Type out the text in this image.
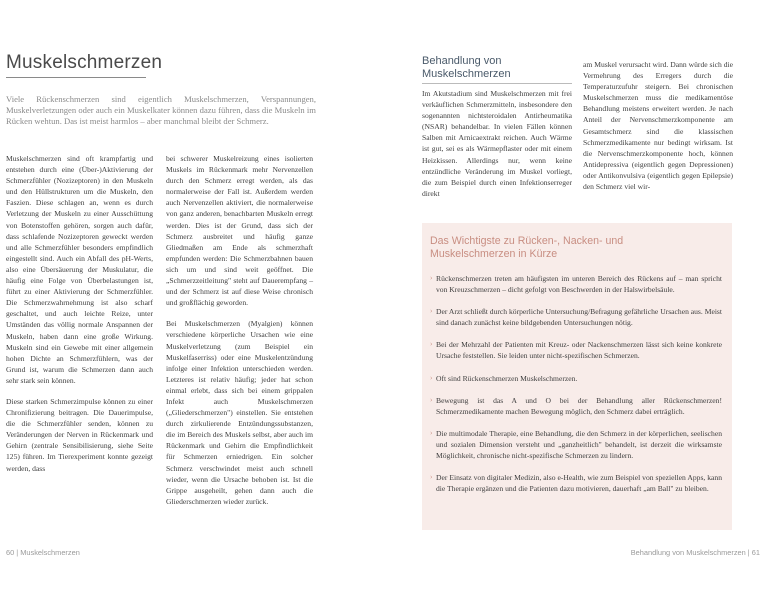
Muskelschmerzen
Viele Rückenschmerzen sind eigentlich Muskelschmerzen, Verspannungen, Muskelverletzungen oder auch ein Muskelkater können dazu führen, dass die Muskeln im Rücken wehtun. Das ist meist harmlos – aber manchmal bleibt der Schmerz.

Muskelschmerzen sind oft krampfartig und entstehen durch eine (Über-)Aktivierung der Schmerzfühler (Nozizeptoren) in den Muskeln und den Hüllstrukturen um die Muskeln, den Faszien. Diese schlagen an, wenn es durch Verletzung der Muskeln zu einer Ausschüttung von Botenstoffen gehören, sorgen auch dafür, dass schlafende Nozizeptoren geweckt werden und alle Schmerzfühler besonders empfindlich eingestellt sind. Auch ein Abfall des pH-Werts, also eine Übersäuerung der Muskulatur, die häufig eine Folge von Überbelastungen ist, führt zu einer Aktivierung der Schmerzfühler. Die Schmerzwahrnehmung ist also scharf geschaltet, und auch leichte Reize, unter Umständen das völlig normale Anspannen der Muskeln, haben dann eine große Wirkung. Muskeln sind ein Gewebe mit einer allgemein hohen Dichte an Schmerzfühlern, was der Grund ist, warum die Schmerzen dann auch sehr stark sein können.

Diese starken Schmerzimpulse können zu einer Chronifizierung beitragen. Die Dauerimpulse, die die Schmerzfühler senden, können zu Veränderungen der Nerven in Rückenmark und Gehirn (zentrale Sensibilisierung, siehe Seite 125) führen. Im Tierexperiment konnte gezeigt werden, dass

bei schwerer Muskelreizung eines isolierten Muskels im Rückenmark mehr Nervenzellen durch den Schmerz erregt werden, als das normalerweise der Fall ist. Außerdem werden auch Nervenzellen aktiviert, die normalerweise von ganz anderen, benachbarten Muskeln erregt werden. Dies ist der Grund, dass sich der Schmerz ausbreitet und häufig ganze Gliedmaßen am Ende als schmerzhaft empfunden werden: Die Schmerzbahnen bauen sich um und sind weit geöffnet. Die „Schmerzzeitleitung" steht auf Dauerempfang – und der Schmerz ist auf diese Weise chronisch und großflächig geworden.

Bei Muskelschmerzen (Myalgien) können verschiedene körperliche Ursachen wie eine Muskelverletzung (zum Beispiel ein Muskelfaserriss) oder eine Muskelentzündung infolge einer Infektion unterschieden werden. Letzteres ist relativ häufig; jeder hat schon einmal erlebt, dass sich bei einem grippalen Infekt auch Muskelschmerzen („Gliederschmerzen") einstellen. Sie entstehen durch zirkulierende Entzündungssubstanzen, die im Bereich des Muskels selbst, aber auch im Rückenmark und Gehirn die Empfindlichkeit für Schmerzen erniedrigen. Ein solcher Schmerz verschwindet meist auch schnell wieder, wenn die Ursache behoben ist. Ist die Grippe ausgeheilt, gehen dann auch die Gliederschmerzen wieder zurück.

60 | Muskelschmerzen
Behandlung von Muskelschmerzen

Im Akutstadium sind Muskelschmerzen mit frei verkäuflichen Schmerzmitteln, insbesondere den sogenannten nichtsteroidalen Antirheumatika (NSAR) behandelbar. In vielen Fällen können Salben mit Arnicaextrakt reichen. Auch Wärme ist gut, sei es als Wärmepflaster oder mit einem Heizkissen. Allerdings nur, wenn keine entzündliche Veränderung im Muskel vorliegt, die zum Beispiel durch einen Infektionserreger direkt

am Muskel verursacht wird. Dann würde sich die Vermehrung des Erregers durch die Temperaturzufuhr steigern. Bei chronischen Muskelschmerzen muss die medikamentöse Behandlung meistens erweitert werden. Je nach Anteil der Nervenschmerzkomponente am Gesamtschmerz sind die klassischen Schmerzmedikamente nur bedingt wirksam. Ist die Nervenschmerzkomponente hoch, können Antidepressiva (eigentlich gegen Depressionen) oder Antikonvulsiva (eigentlich gegen Epilepsie) den Schmerz viel wir-

Das Wichtigste zu Rücken-, Nacken- und Muskelschmerzen in Kürze
› Rückenschmerzen treten am häufigsten im unteren Bereich des Rückens auf – man spricht von Kreuzschmerzen – dicht gefolgt von Beschwerden in der Halswirbelsäule.
› Der Arzt schließt durch körperliche Untersuchung/Befragung gefährliche Ursachen aus. Meist sind danach zunächst keine bildgebenden Untersuchungen nötig.
› Bei der Mehrzahl der Patienten mit Kreuz- oder Nackenschmerzen lässt sich keine konkrete Ursache feststellen. Sie leiden unter nicht-spezifischen Schmerzen.
› Oft sind Rückenschmerzen Muskelschmerzen.
› Bewegung ist das A und O bei der Behandlung aller Rückenschmerzen! Schmerzmedikamente machen Bewegung möglich, den Schmerz dabei erträglich.
› Die multimodale Therapie, eine Behandlung, die den Schmerz in der körperlichen, seelischen und sozialen Dimension versteht und „ganzheitlich" behandelt, ist derzeit die wirksamste Möglichkeit, chronische nicht-spezifische Schmerzen zu lindern.
› Der Einsatz von digitaler Medizin, also e-Health, wie zum Beispiel von speziellen Apps, kann die Therapie ergänzen und die Patienten dazu motivieren, dauerhaft „am Ball" zu bleiben.
Behandlung von Muskelschmerzen | 61
